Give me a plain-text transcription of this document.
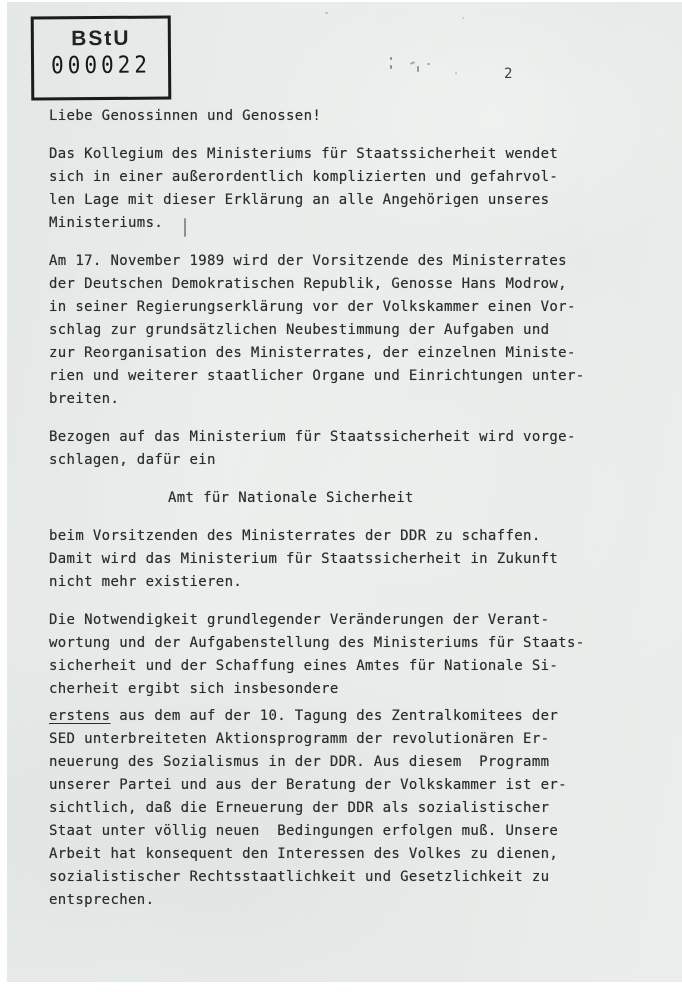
BStU
000022	2
Liebe Genossinnen und Genossen!
Das Kollegium des Ministeriums für Staatssicherheit wendet
sich in einer außerordentlich komplizierten und gefahrvol-
len Lage mit dieser Erklärung an alle Angehörigen unseres
Ministeriums.
Am 17. November 1989 wird der Vorsitzende des Ministerrates
der Deutschen Demokratischen Republik, Genosse Hans Modrow,
in seiner Regierungserklärung vor der Volkskammer einen Vor-
schlag zur grundsätzlichen Neubestimmung der Aufgaben und
zur Reorganisation des Ministerrates, der einzelnen Ministe-
rien und weiterer staatlicher Organe und Einrichtungen unter-
breiten.
Bezogen auf das Ministerium für Staatssicherheit wird vorge-
schlagen, dafür ein
Amt für Nationale Sicherheit
beim Vorsitzenden des Ministerrates der DDR zu schaffen.
Damit wird das Ministerium für Staatssicherheit in Zukunft
nicht mehr existieren.
Die Notwendigkeit grundlegender Veränderungen der Verant-
wortung und der Aufgabenstellung des Ministeriums für Staats-
sicherheit und der Schaffung eines Amtes für Nationale Si-
cherheit ergibt sich insbesondere
erstens aus dem auf der 10. Tagung des Zentralkomitees der
SED unterbreiteten Aktionsprogramm der revolutionären Er-
neuerung des Sozialismus in der DDR. Aus diesem  Programm
unserer Partei und aus der Beratung der Volkskammer ist er-
sichtlich, daß die Erneuerung der DDR als sozialistischer
Staat unter völlig neuen  Bedingungen erfolgen muß. Unsere
Arbeit hat konsequent den Interessen des Volkes zu dienen,
sozialistischer Rechtsstaatlichkeit und Gesetzlichkeit zu
entsprechen.
